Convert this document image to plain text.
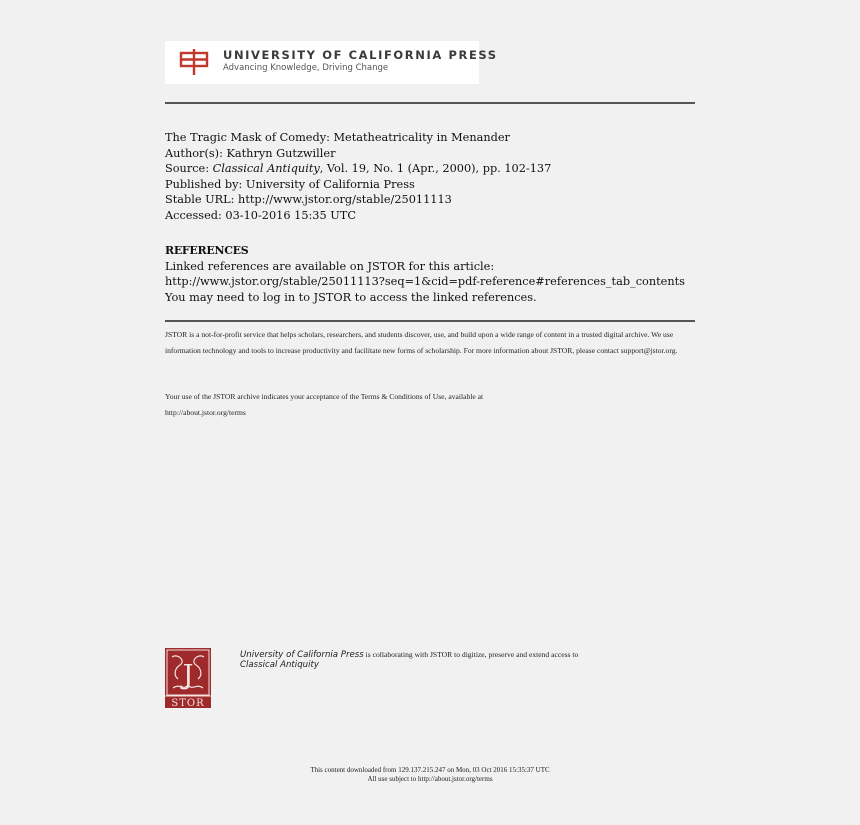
UNIVERSITY OF CALIFORNIA PRESS
Advancing Knowledge, Driving Change
The Tragic Mask of Comedy: Metatheatricality in Menander
Author(s): Kathryn Gutzwiller
Source: Classical Antiquity, Vol. 19, No. 1 (Apr., 2000), pp. 102-137
Published by: University of California Press
Stable URL: http://www.jstor.org/stable/25011113
Accessed: 03-10-2016 15:35 UTC
REFERENCES
Linked references are available on JSTOR for this article:
http://www.jstor.org/stable/25011113?seq=1&cid=pdf-reference#references_tab_contents
You may need to log in to JSTOR to access the linked references.
JSTOR is a not-for-profit service that helps scholars, researchers, and students discover, use, and build upon a wide range of content in a trusted digital archive. We use information technology and tools to increase productivity and facilitate new forms of scholarship. For more information about JSTOR, please contact support@jstor.org.
Your use of the JSTOR archive indicates your acceptance of the Terms & Conditions of Use, available at
http://about.jstor.org/terms
J
STOR
University of California Press is collaborating with JSTOR to digitize, preserve and extend access to
Classical Antiquity
This content downloaded from 129.137.215.247 on Mon, 03 Oct 2016 15:35:37 UTC
All use subject to http://about.jstor.org/terms
